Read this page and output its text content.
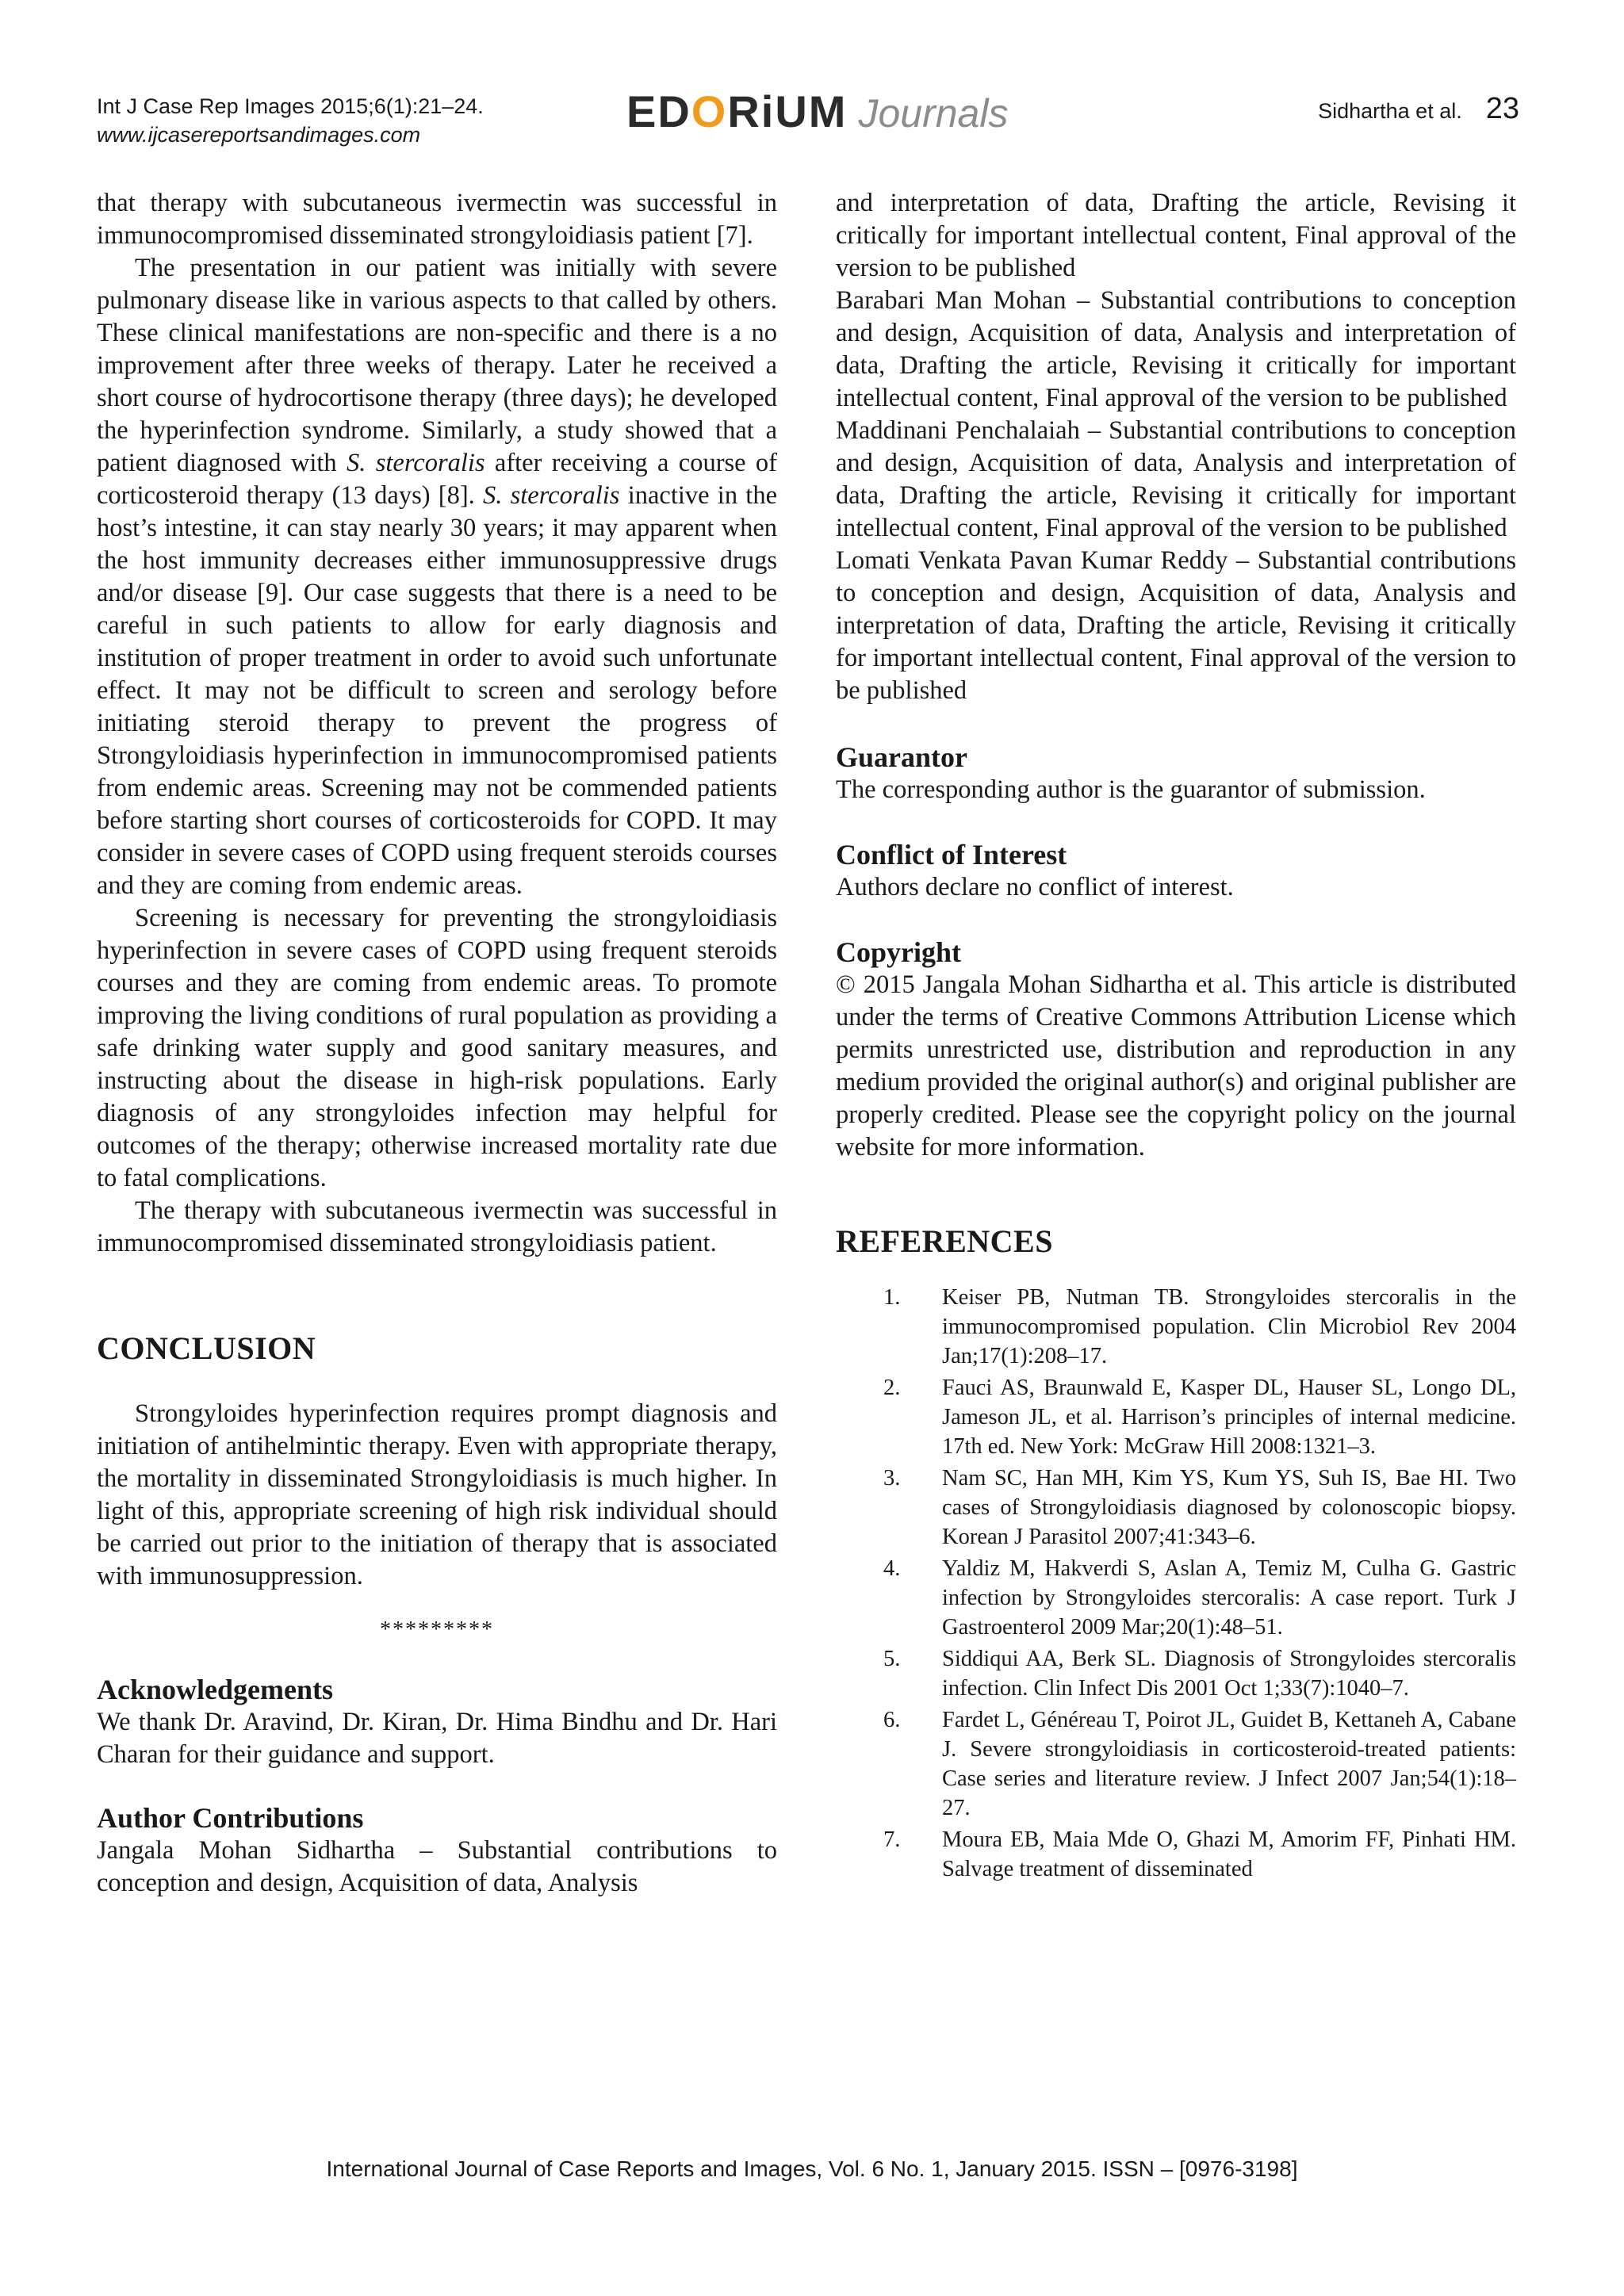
Int J Case Rep Images 2015;6(1):21–24.
www.ijcasereportsandimages.com	EDORiUM Journals	Sidhartha et al. 23

that therapy with subcutaneous ivermectin was successful in immunocompromised disseminated strongyloidiasis patient [7].

The presentation in our patient was initially with severe pulmonary disease like in various aspects to that called by others. These clinical manifestations are non-specific and there is a no improvement after three weeks of therapy. Later he received a short course of hydrocortisone therapy (three days); he developed the hyperinfection syndrome. Similarly, a study showed that a patient diagnosed with S. stercoralis after receiving a course of corticosteroid therapy (13 days) [8]. S. stercoralis inactive in the host’s intestine, it can stay nearly 30 years; it may apparent when the host immunity decreases either immunosuppressive drugs and/or disease [9]. Our case suggests that there is a need to be careful in such patients to allow for early diagnosis and institution of proper treatment in order to avoid such unfortunate effect. It may not be difficult to screen and serology before initiating steroid therapy to prevent the progress of Strongyloidiasis hyperinfection in immunocompromised patients from endemic areas. Screening may not be commended patients before starting short courses of corticosteroids for COPD. It may consider in severe cases of COPD using frequent steroids courses and they are coming from endemic areas.

Screening is necessary for preventing the strongyloidiasis hyperinfection in severe cases of COPD using frequent steroids courses and they are coming from endemic areas. To promote improving the living conditions of rural population as providing a safe drinking water supply and good sanitary measures, and instructing about the disease in high-risk populations. Early diagnosis of any strongyloides infection may helpful for outcomes of the therapy; otherwise increased mortality rate due to fatal complications.

The therapy with subcutaneous ivermectin was successful in immunocompromised disseminated strongyloidiasis patient.

CONCLUSION

Strongyloides hyperinfection requires prompt diagnosis and initiation of antihelmintic therapy. Even with appropriate therapy, the mortality in disseminated Strongyloidiasis is much higher. In light of this, appropriate screening of high risk individual should be carried out prior to the initiation of therapy that is associated with immunosuppression.

*********
Acknowledgements

We thank Dr. Aravind, Dr. Kiran, Dr. Hima Bindhu and Dr. Hari Charan for their guidance and support.

Author Contributions

Jangala Mohan Sidhartha – Substantial contributions to conception and design, Acquisition of data, Analysis

and interpretation of data, Drafting the article, Revising it critically for important intellectual content, Final approval of the version to be published

Barabari Man Mohan – Substantial contributions to conception and design, Acquisition of data, Analysis and interpretation of data, Drafting the article, Revising it critically for important intellectual content, Final approval of the version to be published

Maddinani Penchalaiah – Substantial contributions to conception and design, Acquisition of data, Analysis and interpretation of data, Drafting the article, Revising it critically for important intellectual content, Final approval of the version to be published

Lomati Venkata Pavan Kumar Reddy – Substantial contributions to conception and design, Acquisition of data, Analysis and interpretation of data, Drafting the article, Revising it critically for important intellectual content, Final approval of the version to be published

Guarantor

The corresponding author is the guarantor of submission.

Conflict of Interest

Authors declare no conflict of interest.

Copyright

© 2015 Jangala Mohan Sidhartha et al. This article is distributed under the terms of Creative Commons Attribution License which permits unrestricted use, distribution and reproduction in any medium provided the original author(s) and original publisher are properly credited. Please see the copyright policy on the journal website for more information.

REFERENCES
1.	Keiser PB, Nutman TB. Strongyloides stercoralis in the immunocompromised population. Clin Microbiol Rev 2004 Jan;17(1):208–17.
2.	Fauci AS, Braunwald E, Kasper DL, Hauser SL, Longo DL, Jameson JL, et al. Harrison’s principles of internal medicine. 17th ed. New York: McGraw Hill 2008:1321–3.
3.	Nam SC, Han MH, Kim YS, Kum YS, Suh IS, Bae HI. Two cases of Strongyloidiasis diagnosed by colonoscopic biopsy. Korean J Parasitol 2007;41:343–6.
4.	Yaldiz M, Hakverdi S, Aslan A, Temiz M, Culha G. Gastric infection by Strongyloides stercoralis: A case report. Turk J Gastroenterol 2009 Mar;20(1):48–51.
5.	Siddiqui AA, Berk SL. Diagnosis of Strongyloides stercoralis infection. Clin Infect Dis 2001 Oct 1;33(7):1040–7.
6.	Fardet L, Généreau T, Poirot JL, Guidet B, Kettaneh A, Cabane J. Severe strongyloidiasis in corticosteroid-treated patients: Case series and literature review. J Infect 2007 Jan;54(1):18–27.
7.	Moura EB, Maia Mde O, Ghazi M, Amorim FF, Pinhati HM. Salvage treatment of disseminated
International Journal of Case Reports and Images, Vol. 6 No. 1, January 2015. ISSN – [0976-3198]
